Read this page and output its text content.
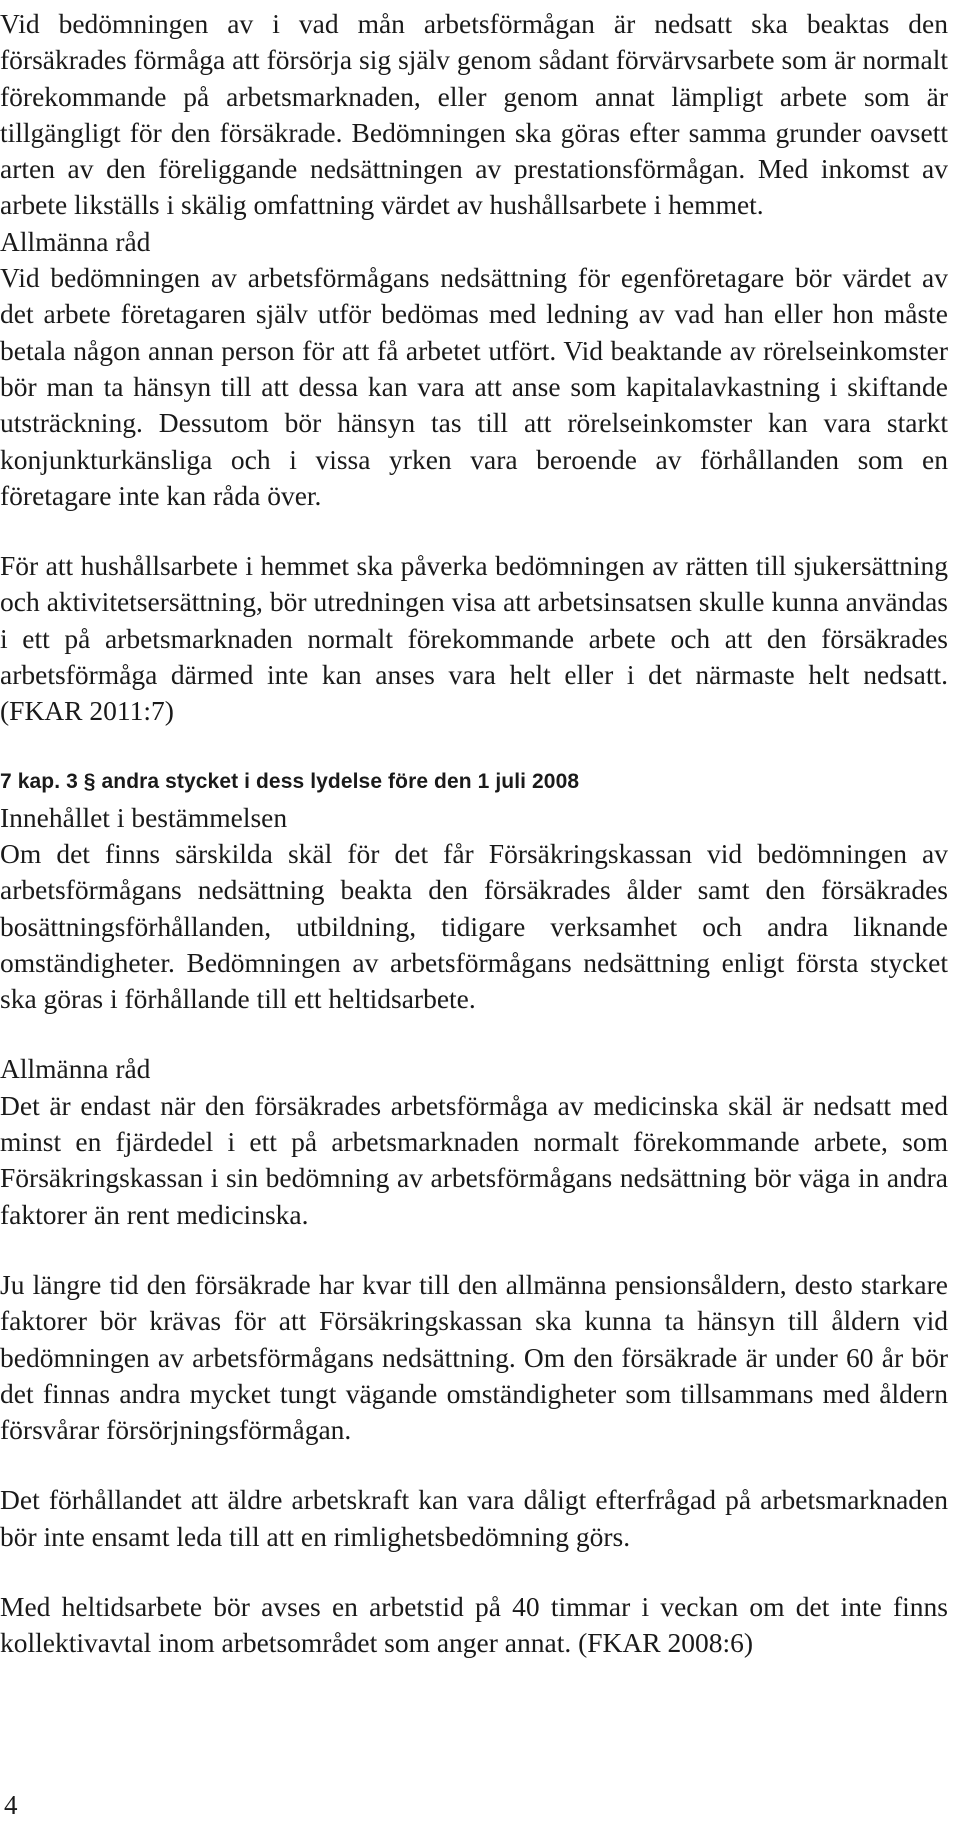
Vid bedömningen av i vad mån arbetsförmågan är nedsatt ska beaktas den försäkrades förmåga att försörja sig själv genom sådant förvärvsarbete som är normalt förekommande på arbetsmarknaden, eller genom annat lämpligt arbete som är tillgängligt för den försäkrade. Bedömningen ska göras efter samma grunder oavsett arten av den föreliggande nedsättningen av prestationsförmågan. Med inkomst av arbete likställs i skälig omfattning värdet av hushållsarbete i hemmet.

Allmänna råd

Vid bedömningen av arbetsförmågans nedsättning för egenföretagare bör värdet av det arbete företagaren själv utför bedömas med ledning av vad han eller hon måste betala någon annan person för att få arbetet utfört. Vid beaktande av rörelseinkomster bör man ta hänsyn till att dessa kan vara att anse som kapitalavkastning i skiftande utsträckning. Dessutom bör hänsyn tas till att rörelseinkomster kan vara starkt konjunkturkänsliga och i vissa yrken vara beroende av förhållanden som en företagare inte kan råda över.

För att hushållsarbete i hemmet ska påverka bedömningen av rätten till sjukersättning och aktivitetsersättning, bör utredningen visa att arbetsinsatsen skulle kunna användas i ett på arbetsmarknaden normalt förekommande arbete och att den försäkrades arbetsförmåga därmed inte kan anses vara helt eller i det närmaste helt nedsatt. (FKAR 2011:7)

7 kap. 3 § andra stycket i dess lydelse före den 1 juli 2008

Innehållet i bestämmelsen

Om det finns särskilda skäl för det får Försäkringskassan vid bedömningen av arbetsförmågans nedsättning beakta den försäkrades ålder samt den försäkrades bosättningsförhållanden, utbildning, tidigare verksamhet och andra liknande omständigheter. Bedömningen av arbetsförmågans nedsättning enligt första stycket ska göras i förhållande till ett heltidsarbete.

Allmänna råd

Det är endast när den försäkrades arbetsförmåga av medicinska skäl är nedsatt med minst en fjärdedel i ett på arbetsmarknaden normalt förekommande arbete, som Försäkringskassan i sin bedömning av arbetsförmågans nedsättning bör väga in andra faktorer än rent medicinska.

Ju längre tid den försäkrade har kvar till den allmänna pensionsåldern, desto starkare faktorer bör krävas för att Försäkringskassan ska kunna ta hänsyn till åldern vid bedömningen av arbetsförmågans nedsättning. Om den försäkrade är under 60 år bör det finnas andra mycket tungt vägande omständigheter som tillsammans med åldern försvårar försörjningsförmågan.

Det förhållandet att äldre arbetskraft kan vara dåligt efterfrågad på arbetsmarknaden bör inte ensamt leda till att en rimlighetsbedömning görs.

Med heltidsarbete bör avses en arbetstid på 40 timmar i veckan om det inte finns kollektivavtal inom arbetsområdet som anger annat. (FKAR 2008:6)

4
